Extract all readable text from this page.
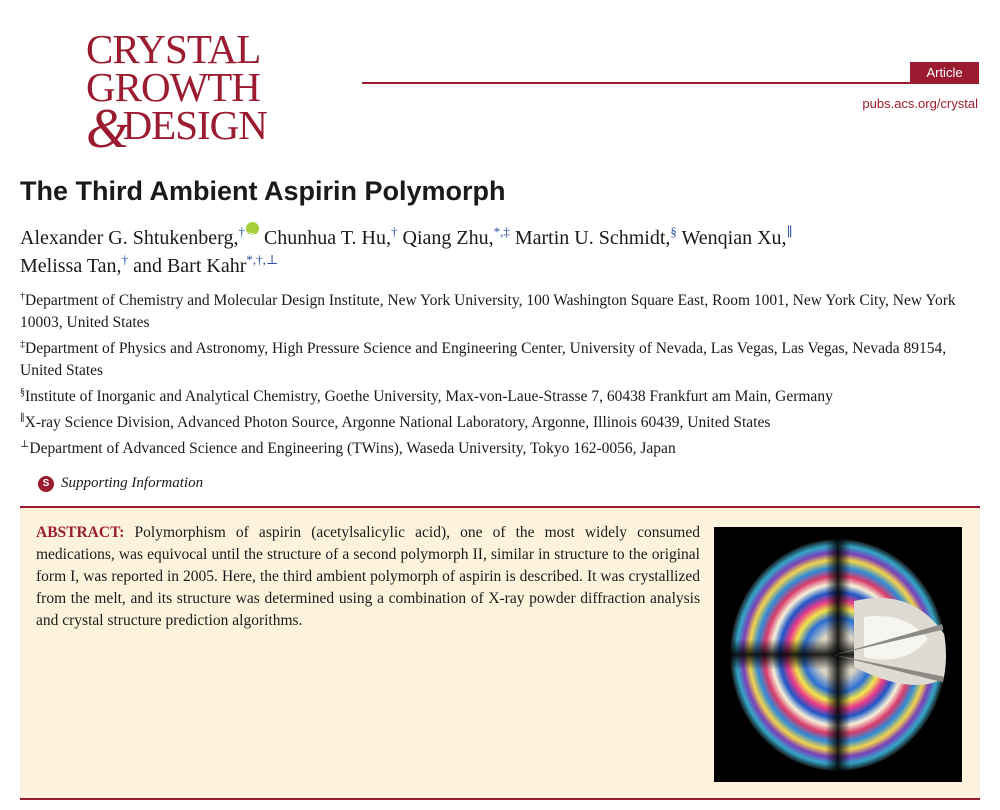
CRYSTAL
GROWTH
&DESIGN
Article
pubs.acs.org/crystal
The Third Ambient Aspirin Polymorph
Alexander G. Shtukenberg,†iD Chunhua T. Hu,† Qiang Zhu,*,‡ Martin U. Schmidt,§ Wenqian Xu,∥
Melissa Tan,† and Bart Kahr*,†,⊥
†Department of Chemistry and Molecular Design Institute, New York University, 100 Washington Square East, Room 1001, New York City, New York 10003, United States
‡Department of Physics and Astronomy, High Pressure Science and Engineering Center, University of Nevada, Las Vegas, Las Vegas, Nevada 89154, United States
§Institute of Inorganic and Analytical Chemistry, Goethe University, Max-von-Laue-Strasse 7, 60438 Frankfurt am Main, Germany
∥X-ray Science Division, Advanced Photon Source, Argonne National Laboratory, Argonne, Illinois 60439, United States
⊥Department of Advanced Science and Engineering (TWins), Waseda University, Tokyo 162-0056, Japan
S Supporting Information

ABSTRACT: Polymorphism of aspirin (acetylsalicylic acid), one of the most widely consumed medications, was equivocal until the structure of a second polymorph II, similar in structure to the original form I, was reported in 2005. Here, the third ambient polymorph of aspirin is described. It was crystallized from the melt, and its structure was determined using a combination of X-ray powder diffraction analysis and crystal structure prediction algorithms.
